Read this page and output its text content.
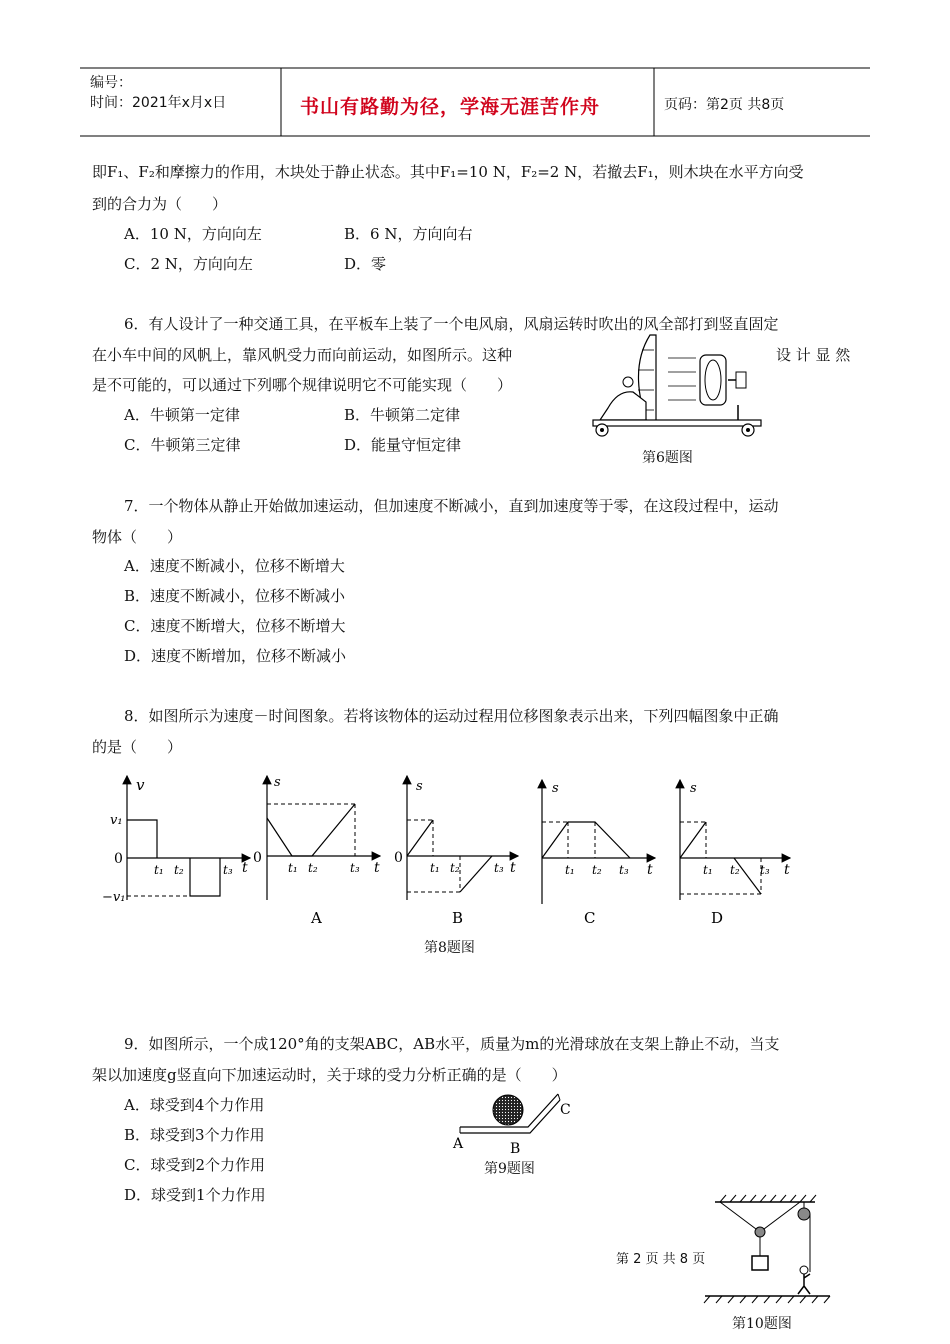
编号：
时间：2021年x月x日	书山有路勤为径，学海无涯苦作舟	页码：第2页 共8页
即F₁、F₂和摩擦力的作用，木块处于静止状态。其中F₁=10 N，F₂=2 N，若撤去F₁，则木块在水平方向受
到的合力为（　　）
A．10 N，方向向左	B．6 N，方向向右
C．2 N，方向向左	D．零
6．有人设计了一种交通工具，在平板车上装了一个电风扇，风扇运转时吹出的风全部打到竖直固定
在小车中间的风帆上，靠风帆受力而向前运动，如图所示。这种	设 计 显 然
是不可能的，可以通过下列哪个规律说明它不可能实现（　　）
A．牛顿第一定律	B．牛顿第二定律
C．牛顿第三定律	D．能量守恒定律
第6题图
7．一个物体从静止开始做加速运动，但加速度不断减小，直到加速度等于零，在这段过程中，运动
物体（　　）
A．速度不断减小，位移不断增大
B．速度不断减小，位移不断减小
C．速度不断增大，位移不断增大
D．速度不断增加，位移不断减小
8．如图所示为速度－时间图象。若将该物体的运动过程用位移图象表示出来，下列四幅图象中正确
的是（　　）
v
v₁
0
−v₁
t₁ t₂	t₃ t
s
0
t₁ t₂	t₃ t
A
s
0
t₁ t₂	t₃ t
B
s
t₁ t₂ t₃ t
C
s
t₁ t₂ t₃ t
D
第8题图
9．如图所示，一个成120°角的支架ABC，AB水平，质量为m的光滑球放在支架上静止不动，当支
架以加速度g竖直向下加速运动时，关于球的受力分析正确的是（　　）
A．球受到4个力作用
B．球受到3个力作用
C．球受到2个力作用
D．球受到1个力作用
A	B
C
第9题图
第10题图
第 2 页 共 8 页
